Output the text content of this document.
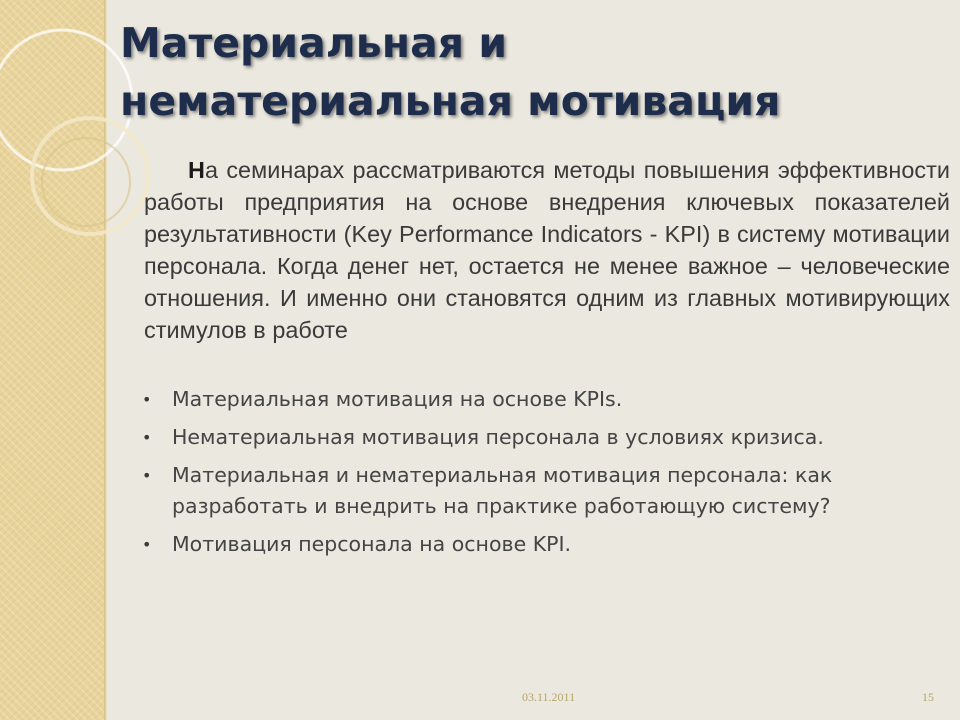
Материальная и
нематериальная мотивация

На семинарах рассматриваются методы повышения эффективности работы предприятия на основе внедрения ключевых показателей результативности (Key Performance Indicators - KPI) в систему мотивации персонала. Когда денег нет, остается не менее важное – человеческие отношения. И именно они становятся одним из главных мотивирующих стимулов в работе

• Материальная мотивация на основе KPIs.
• Нематериальная мотивация персонала в условиях кризиса.
• Материальная и нематериальная мотивация персонала: как разработать и внедрить на практике работающую систему?
• Мотивация персонала на основе KPI.
03.11.2011	15
